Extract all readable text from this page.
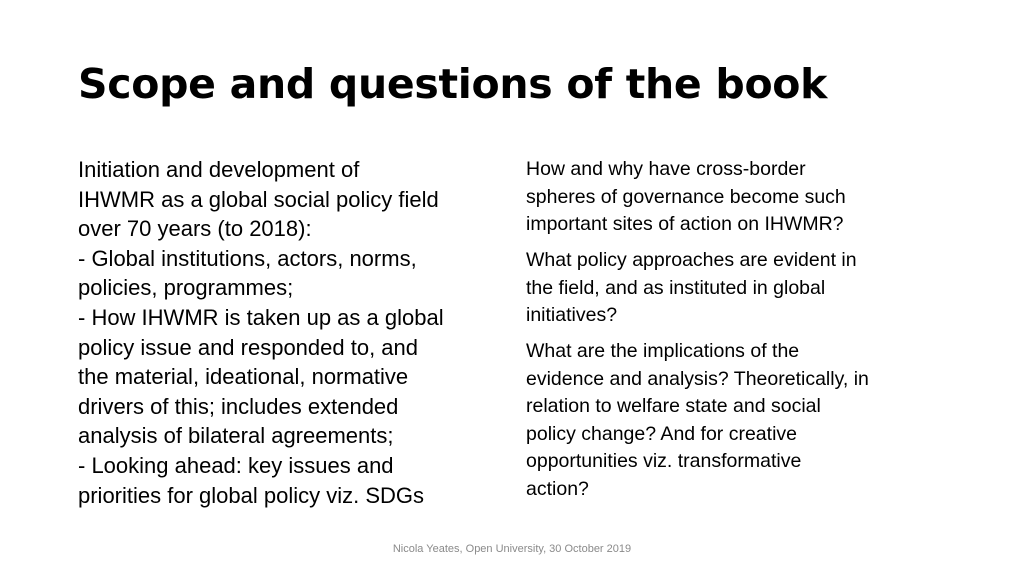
Scope and questions of the book
Initiation and development of
IHWMR as a global social policy field
over 70 years (to 2018):
- Global institutions, actors, norms,
policies, programmes;
- How IHWMR is taken up as a global
policy issue and responded to, and
the material, ideational, normative
drivers of this; includes extended
analysis of bilateral agreements;
- Looking ahead: key issues and
priorities for global policy viz. SDGs
How and why have cross-border
spheres of governance become such
important sites of action on IHWMR?
What policy approaches are evident in
the field, and as instituted in global
initiatives?
What are the implications of the
evidence and analysis? Theoretically, in
relation to welfare state and social
policy change? And for creative
opportunities viz. transformative
action?
Nicola Yeates, Open University, 30 October 2019
